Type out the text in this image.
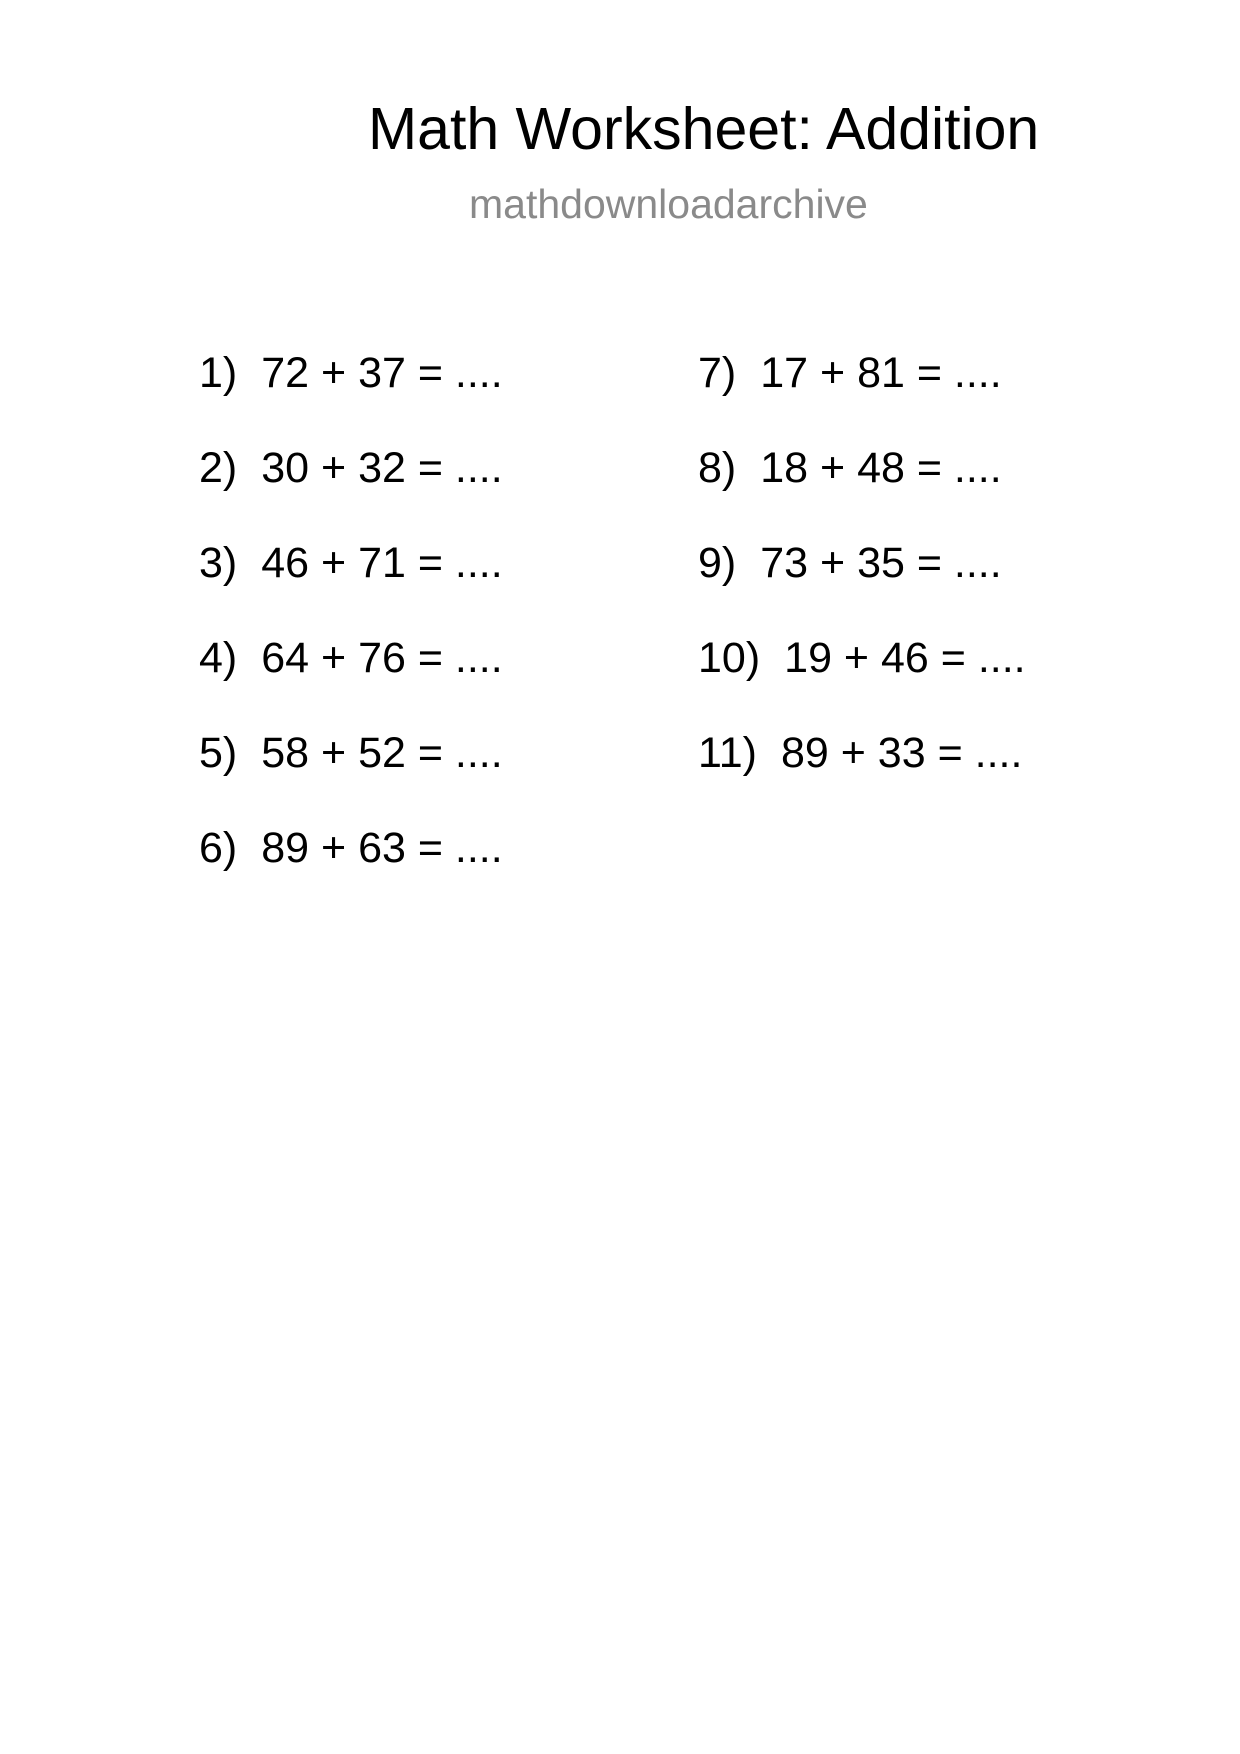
Math Worksheet: Addition
mathdownloadarchive
1) 72 + 37 = ....
2) 30 + 32 = ....
3) 46 + 71 = ....
4) 64 + 76 = ....
5) 58 + 52 = ....
6) 89 + 63 = ....
7) 17 + 81 = ....
8) 18 + 48 = ....
9) 73 + 35 = ....
10) 19 + 46 = ....
11) 89 + 33 = ....
